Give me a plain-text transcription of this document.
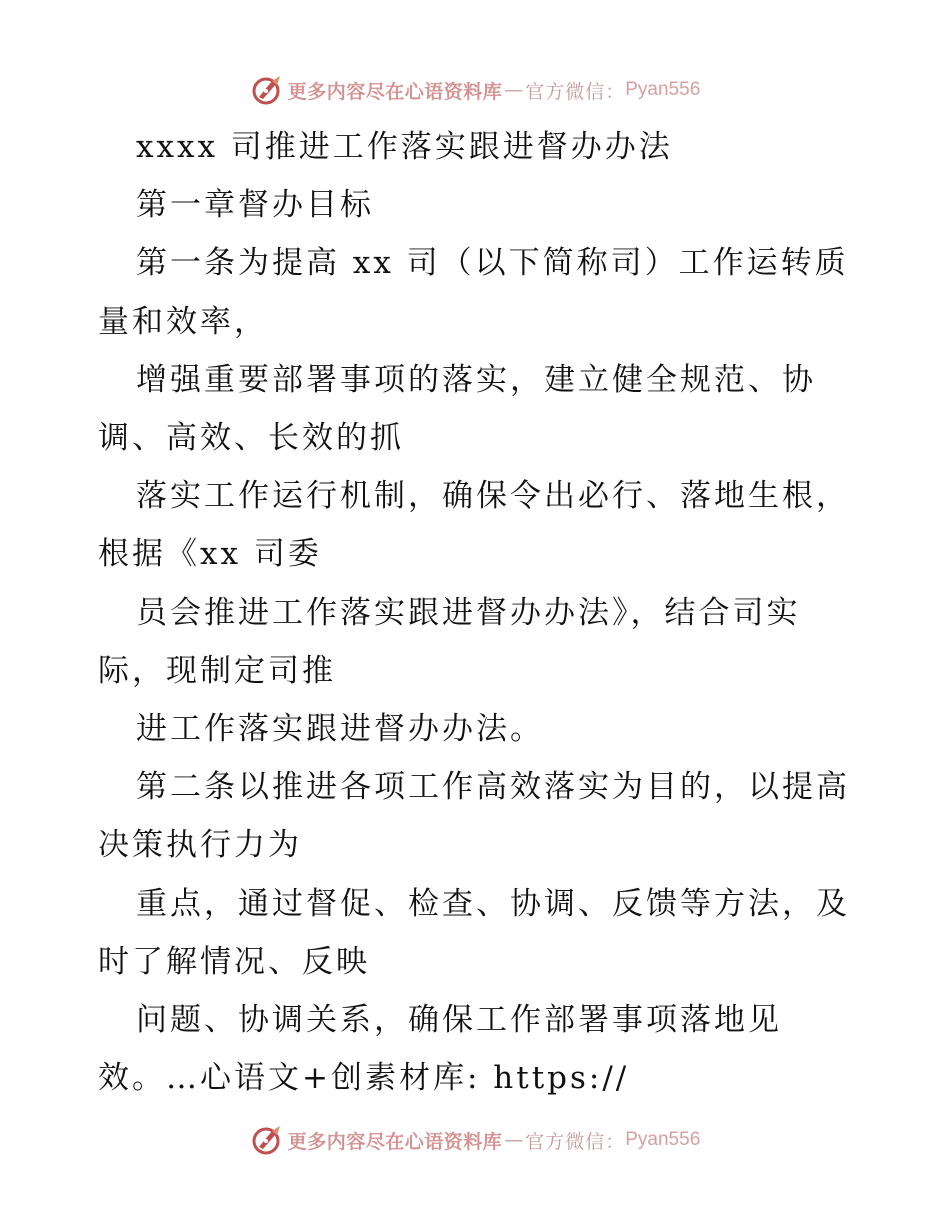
更多内容尽在心语资料库 — 官方微信： Pyan556

xxxx 司推进工作落实跟进督办办法

第一章督办目标

第一条为提高 xx 司（以下简称司）工作运转质

量和效率，

增强重要部署事项的落实，建立健全规范、协

调、高效、长效的抓

落实工作运行机制，确保令出必行、落地生根，

根据《xx 司委

员会推进工作落实跟进督办办法》，结合司实

际，现制定司推

进工作落实跟进督办办法。

第二条以推进各项工作高效落实为目的，以提高

决策执行力为

重点，通过督促、检查、协调、反馈等方法，及

时了解情况、反映

问题、协调关系，确保工作部署事项落地见

效。…心语文+创素材库: https://

更多内容尽在心语资料库 — 官方微信： Pyan556
